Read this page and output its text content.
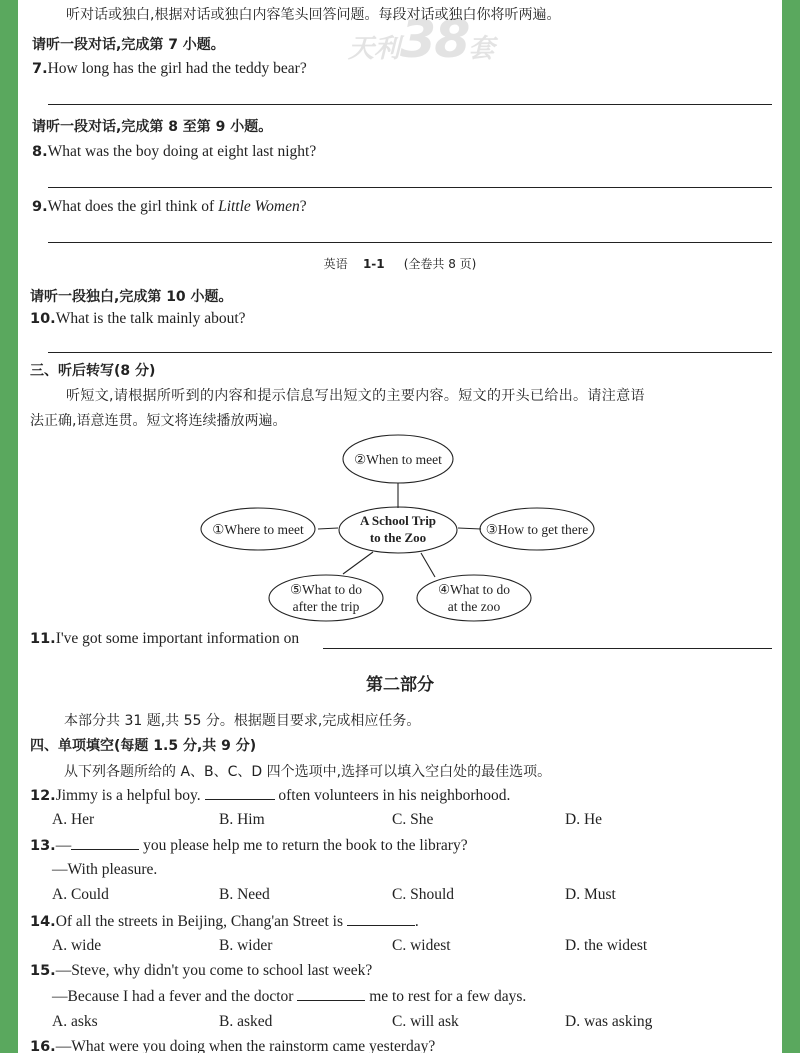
天利38套
听对话或独白,根据对话或独白内容笔头回答问题。每段对话或独白你将听两遍。
请听一段对话,完成第 7 小题。
7.How long has the girl had the teddy bear?
请听一段对话,完成第 8 至第 9 小题。
8.What was the boy doing at eight last night?
9.What does the girl think of Little Women?
英语 1-1 (全卷共 8 页)
请听一段独白,完成第 10 小题。
10.What is the talk mainly about?
三、听后转写(8 分)
听短文,请根据所听到的内容和提示信息写出短文的主要内容。短文的开头已给出。请注意语
法正确,语意连贯。短文将连续播放两遍。
②When to meet
①Where to meet
A School Trip
to the Zoo
③How to get there
⑤What to do
after the trip
④What to do
at the zoo
11.I've got some important information on
第二部分
本部分共 31 题,共 55 分。根据题目要求,完成相应任务。
四、单项填空(每题 1.5 分,共 9 分)
从下列各题所给的 A、B、C、D 四个选项中,选择可以填入空白处的最佳选项。
12.Jimmy is a helpful boy.	often volunteers in his neighborhood.
A. Her	B. Him	C. She	D. He
13.—	you please help me to return the book to the library?
—With pleasure.
A. Could	B. Need	C. Should	D. Must
14.Of all the streets in Beijing, Chang'an Street is	.
A. wide	B. wider	C. widest	D. the widest
15.—Steve, why didn't you come to school last week?
—Because I had a fever and the doctor	me to rest for a few days.
A. asks	B. asked	C. will ask	D. was asking
16.—What were you doing when the rainstorm came yesterday?
